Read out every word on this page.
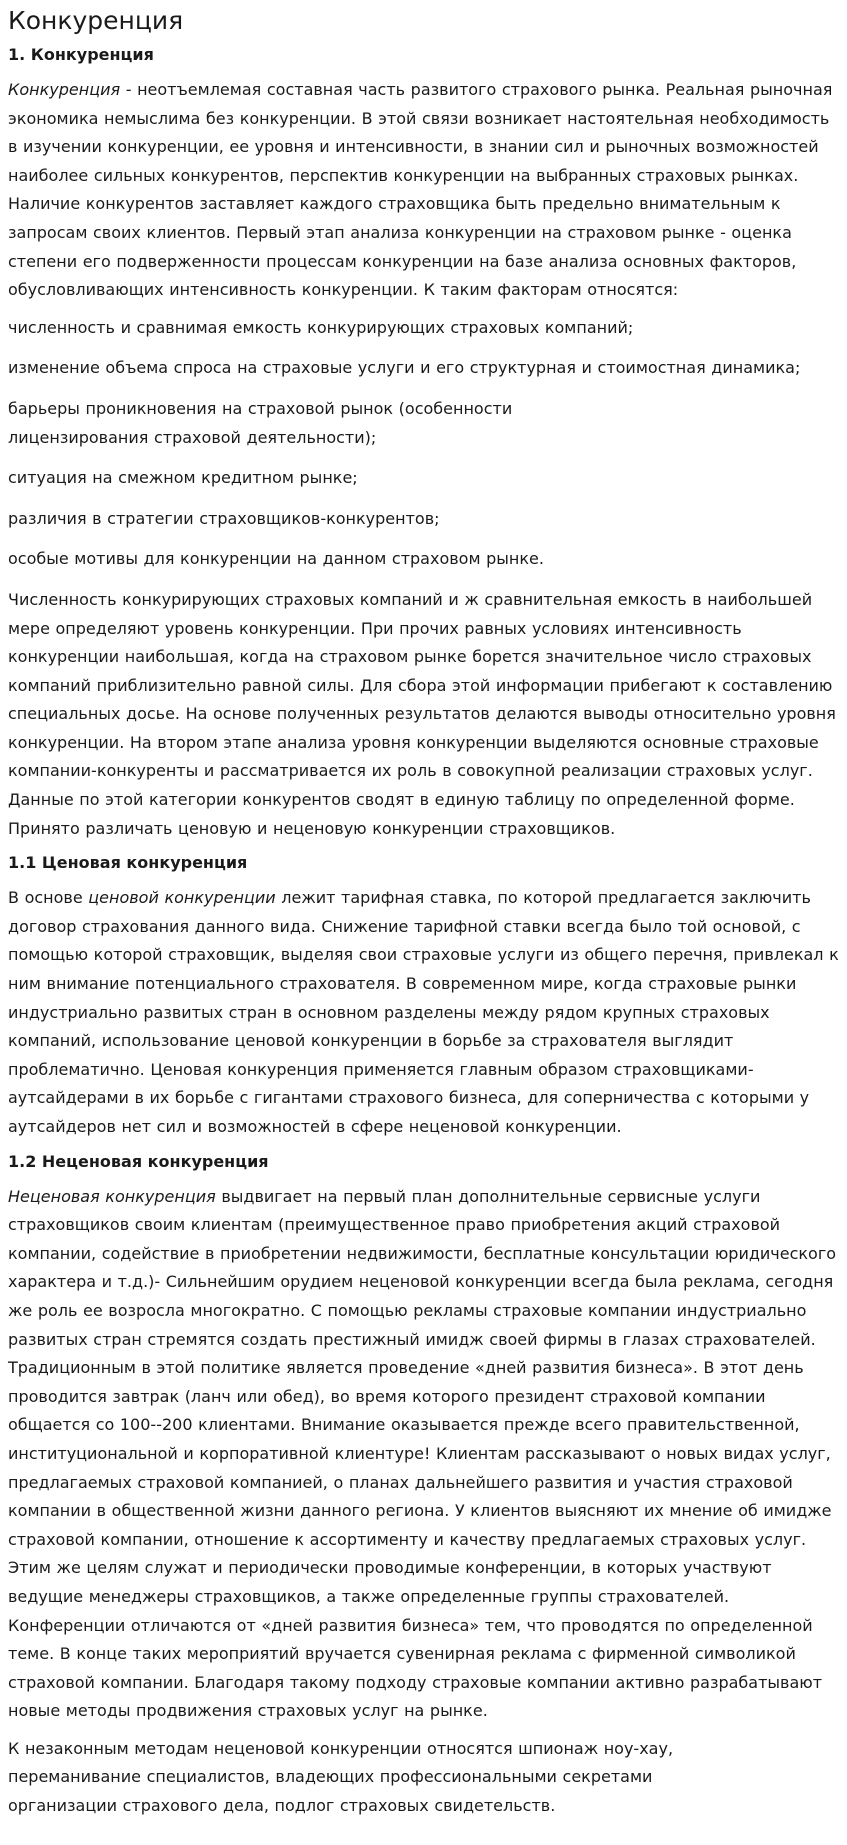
Конкуренция
1. Конкуренция

Конкуренция - неотъемлемая составная часть развитого страхового рынка. Реальная рыночная экономика немыслима без конкуренции. В этой связи возникает настоятельная необходимость в изучении конкуренции, ее уровня и интенсивности, в знании сил и рыночных возможностей наиболее сильных конкурентов, перспектив конкуренции на выбранных страховых рынках. Наличие конкурентов заставляет каждого страховщика быть предельно внимательным к запросам своих клиентов. Первый этап анализа конкуренции на страховом рынке - оценка степени его подверженности процессам конкуренции на базе анализа основных факторов, обусловливающих интенсивность конкуренции. К таким факторам относятся:

численность и сравнимая емкость конкурирующих страховых компаний;

изменение объема спроса на страховые услуги и его структурная и стоимостная динамика;

барьеры проникновения на страховой рынок (особенности лицензирования страховой деятельности);

ситуация на смежном кредитном рынке;

различия в стратегии страховщиков-конкурентов;

особые мотивы для конкуренции на данном страховом рынке.

Численность конкурирующих страховых компаний и ж сравнительная емкость в наибольшей мере определяют уровень конкуренции. При прочих равных условиях интенсивность конкуренции наибольшая, когда на страховом рынке борется значительное число страховых компаний приблизительно равной силы. Для сбора этой информации прибегают к составлению специальных досье. На основе полученных результатов делаются выводы относительно уровня конкуренции. На втором этапе анализа уровня конкуренции выделяются основные страховые компании-конкуренты и рассматривается их роль в совокупной реализации страховых услуг. Данные по этой категории конкурентов сводят в единую таблицу по определенной форме. Принято различать ценовую и неценовую конкуренции страховщиков.

1.1 Ценовая конкуренция

В основе ценовой конкуренции лежит тарифная ставка, по которой предлагается заключить договор страхования данного вида. Снижение тарифной ставки всегда было той основой, с помощью которой страховщик, выделяя свои страховые услуги из общего перечня, привлекал к ним внимание потенциального страхователя. В современном мире, когда страховые рынки индустриально развитых стран в основном разделены между рядом крупных страховых компаний, использование ценовой конкуренции в борьбе за страхователя выглядит проблематично. Ценовая конкуренция применяется главным образом страховщиками-аутсайдерами в их борьбе с гигантами страхового бизнеса, для соперничества с которыми у аутсайдеров нет сил и возможностей в сфере неценовой конкуренции.

1.2 Неценовая конкуренция

Неценовая конкуренция выдвигает на первый план дополнительные сервисные услуги страховщиков своим клиентам (преимущественное право приобретения акций страховой компании, содействие в приобретении недвижимости, бесплатные консультации юридического характера и т.д.)- Сильнейшим орудием неценовой конкуренции всегда была реклама, сегодня же роль ее возросла многократно. С помощью рекламы страховые компании индустриально развитых стран стремятся создать престижный имидж своей фирмы в глазах страхователей. Традиционным в этой политике является проведение «дней развития бизнеса». В этот день проводится завтрак (ланч или обед), во время которого президент страховой компании общается со 100--200 клиентами. Внимание оказывается прежде всего правительственной, институциональной и корпоративной клиентуре! Клиентам рассказывают о новых видах услуг, предлагаемых страховой компанией, о планах дальнейшего развития и участия страховой компании в общественной жизни данного региона. У клиентов выясняют их мнение об имидже страховой компании, отношение к ассортименту и качеству предлагаемых страховых услуг. Этим же целям служат и периодически проводимые конференции, в которых участвуют ведущие менеджеры страховщиков, а также определенные группы страхователей. Конференции отличаются от «дней развития бизнеса» тем, что проводятся по определенной теме. В конце таких мероприятий вручается сувенирная реклама с фирменной символикой страховой компании. Благодаря такому подходу страховые компании активно разрабатывают новые методы продвижения страховых услуг на рынке.

К незаконным методам неценовой конкуренции относятся шпионаж ноу-хау, переманивание специалистов, владеющих профессиональными секретами организации страхового дела, подлог страховых свидетельств.
